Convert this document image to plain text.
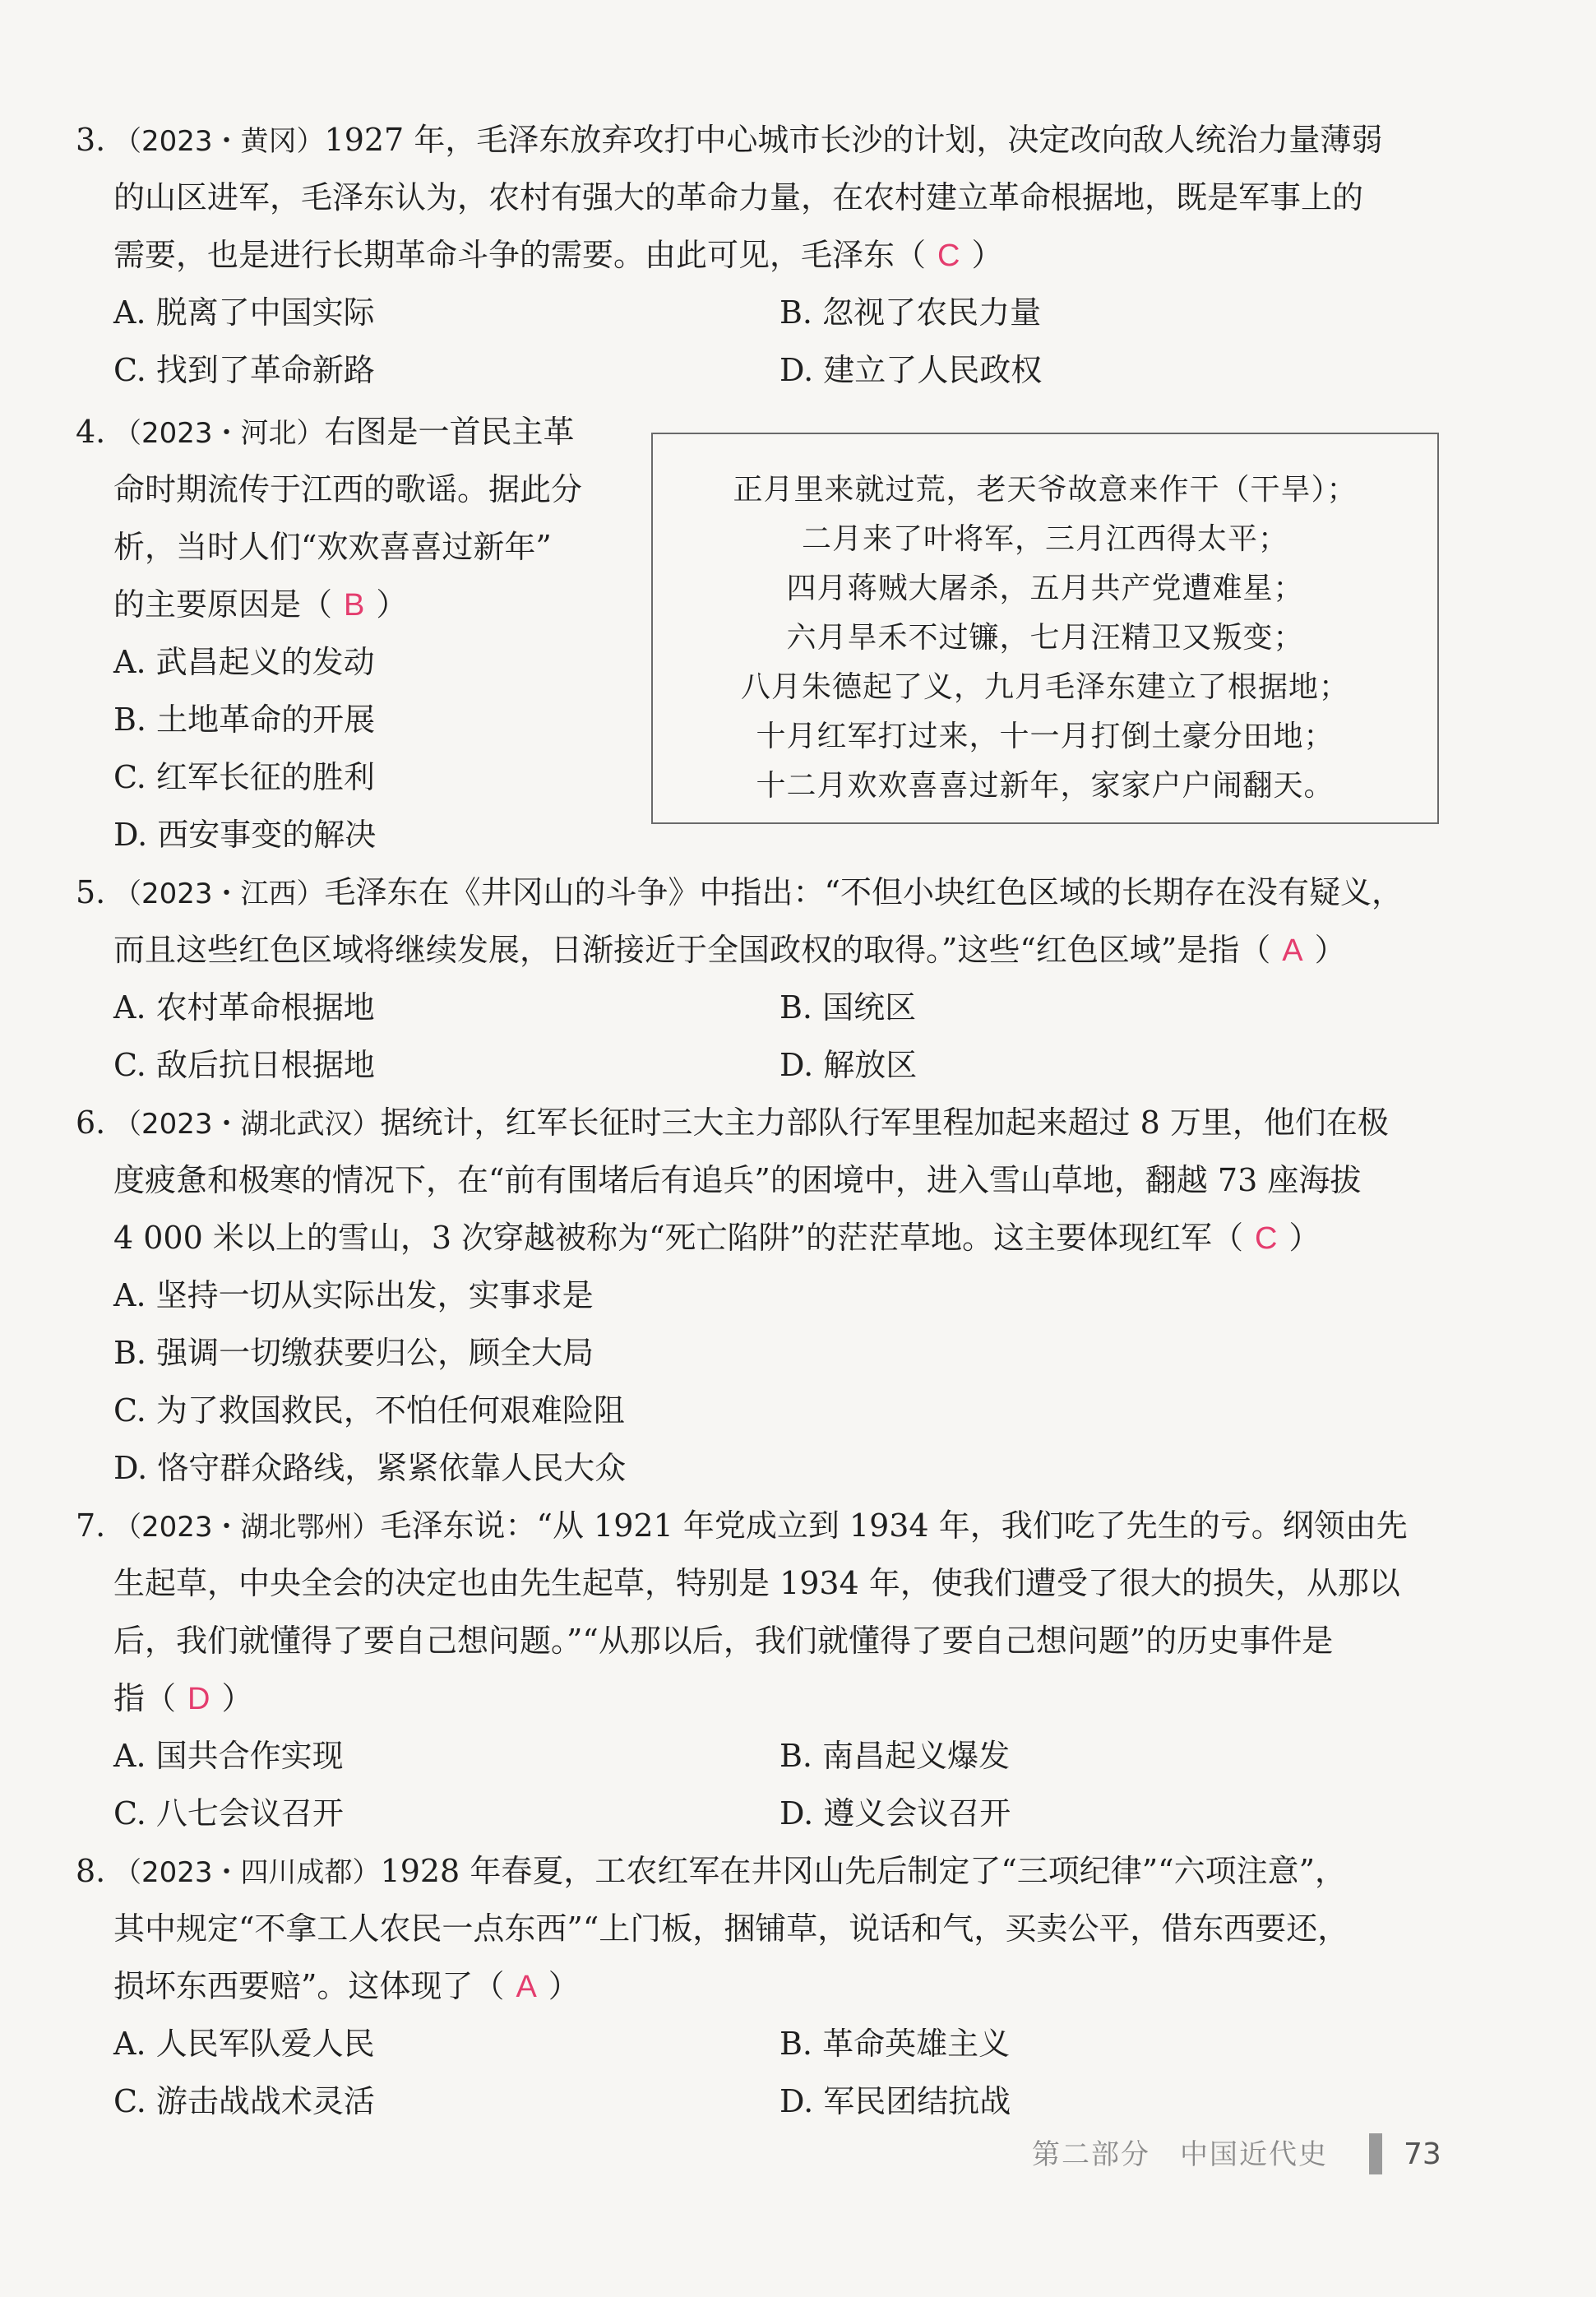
3. （2023・黄冈）1927 年，毛泽东放弃攻打中心城市长沙的计划，决定改向敌人统治力量薄弱
的山区进军，毛泽东认为，农村有强大的革命力量，在农村建立革命根据地，既是军事上的
需要，也是进行长期革命斗争的需要。由此可见，毛泽东（ C ）
A. 脱离了中国实际	B. 忽视了农民力量
C. 找到了革命新路	D. 建立了人民政权
4. （2023・河北）右图是一首民主革
命时期流传于江西的歌谣。据此分
析，当时人们“欢欢喜喜过新年”
的主要原因是（ B ）
A. 武昌起义的发动
B. 土地革命的开展
C. 红军长征的胜利
D. 西安事变的解决
正月里来就过荒，老天爷故意来作干（干旱）；
二月来了叶将军，三月江西得太平；
四月蒋贼大屠杀，五月共产党遭难星；
六月旱禾不过镰，七月汪精卫又叛变；
八月朱德起了义，九月毛泽东建立了根据地；
十月红军打过来，十一月打倒土豪分田地；
十二月欢欢喜喜过新年，家家户户闹翻天。
5. （2023・江西）毛泽东在《井冈山的斗争》中指出：“不但小块红色区域的长期存在没有疑义，
而且这些红色区域将继续发展，日渐接近于全国政权的取得。”这些“红色区域”是指（ A ）
A. 农村革命根据地	B. 国统区
C. 敌后抗日根据地	D. 解放区
6. （2023・湖北武汉）据统计，红军长征时三大主力部队行军里程加起来超过 8 万里，他们在极
度疲惫和极寒的情况下，在“前有围堵后有追兵”的困境中，进入雪山草地，翻越 73 座海拔
4 000 米以上的雪山，3 次穿越被称为“死亡陷阱”的茫茫草地。这主要体现红军（ C ）
A. 坚持一切从实际出发，实事求是
B. 强调一切缴获要归公，顾全大局
C. 为了救国救民，不怕任何艰难险阻
D. 恪守群众路线，紧紧依靠人民大众
7. （2023・湖北鄂州）毛泽东说：“从 1921 年党成立到 1934 年，我们吃了先生的亏。纲领由先
生起草，中央全会的决定也由先生起草，特别是 1934 年，使我们遭受了很大的损失，从那以
后，我们就懂得了要自己想问题。”“从那以后，我们就懂得了要自己想问题”的历史事件是
指（ D ）
A. 国共合作实现	B. 南昌起义爆发
C. 八七会议召开	D. 遵义会议召开
8. （2023・四川成都）1928 年春夏，工农红军在井冈山先后制定了“三项纪律”“六项注意”，
其中规定“不拿工人农民一点东西”“上门板，捆铺草，说话和气，买卖公平，借东西要还，
损坏东西要赔”。这体现了（ A ）
A. 人民军队爱人民	B. 革命英雄主义
C. 游击战战术灵活	D. 军民团结抗战
第二部分　中国近代史	73
